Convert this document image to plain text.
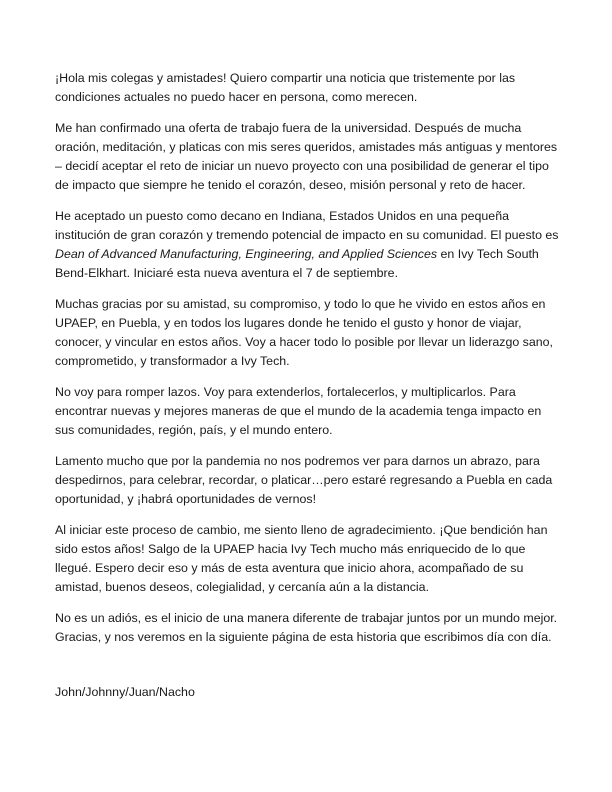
¡Hola mis colegas y amistades! Quiero compartir una noticia que tristemente por las condiciones actuales no puedo hacer en persona, como merecen.

Me han confirmado una oferta de trabajo fuera de la universidad. Después de mucha oración, meditación, y platicas con mis seres queridos, amistades más antiguas y mentores – decidí aceptar el reto de iniciar un nuevo proyecto con una posibilidad de generar el tipo de impacto que siempre he tenido el corazón, deseo, misión personal y reto de hacer.

He aceptado un puesto como decano en Indiana, Estados Unidos en una pequeña institución de gran corazón y tremendo potencial de impacto en su comunidad. El puesto es Dean of Advanced Manufacturing, Engineering, and Applied Sciences en Ivy Tech South Bend-Elkhart. Iniciaré esta nueva aventura el 7 de septiembre.

Muchas gracias por su amistad, su compromiso, y todo lo que he vivido en estos años en UPAEP, en Puebla, y en todos los lugares donde he tenido el gusto y honor de viajar, conocer, y vincular en estos años. Voy a hacer todo lo posible por llevar un liderazgo sano, comprometido, y transformador a Ivy Tech.

No voy para romper lazos. Voy para extenderlos, fortalecerlos, y multiplicarlos. Para encontrar nuevas y mejores maneras de que el mundo de la academia tenga impacto en sus comunidades, región, país, y el mundo entero.

Lamento mucho que por la pandemia no nos podremos ver para darnos un abrazo, para despedirnos, para celebrar, recordar, o platicar…pero estaré regresando a Puebla en cada oportunidad, y ¡habrá oportunidades de vernos!

Al iniciar este proceso de cambio, me siento lleno de agradecimiento. ¡Que bendición han sido estos años! Salgo de la UPAEP hacia Ivy Tech mucho más enriquecido de lo que llegué. Espero decir eso y más de esta aventura que inicio ahora, acompañado de su amistad, buenos deseos, colegialidad, y cercanía aún a la distancia.

No es un adiós, es el inicio de una manera diferente de trabajar juntos por un mundo mejor. Gracias, y nos veremos en la siguiente página de esta historia que escribimos día con día.

John/Johnny/Juan/Nacho
